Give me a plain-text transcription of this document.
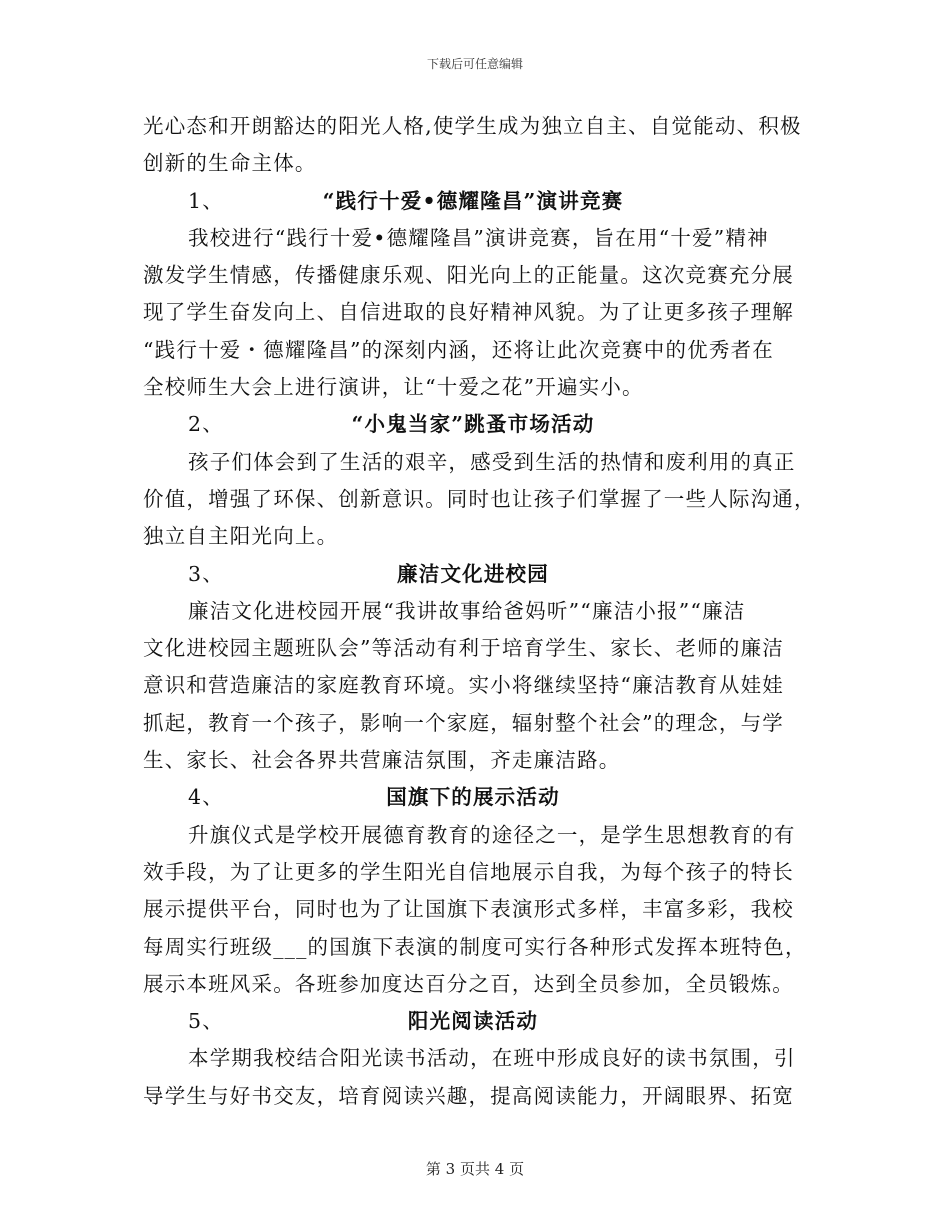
下载后可任意编辑
光心态和开朗豁达的阳光人格,使学生成为独立自主、自觉能动、积极
创新的生命主体。
1、	“践行十爱•德耀隆昌”演讲竞赛
我校进行“践行十爱•德耀隆昌”演讲竞赛，旨在用“十爱”精神
激发学生情感，传播健康乐观、阳光向上的正能量。这次竞赛充分展
现了学生奋发向上、自信进取的良好精神风貌。为了让更多孩子理解
“践行十爱・德耀隆昌”的深刻内涵，还将让此次竞赛中的优秀者在
全校师生大会上进行演讲，让“十爱之花”开遍实小。
2、	“小鬼当家”跳蚤市场活动
孩子们体会到了生活的艰辛，感受到生活的热情和废利用的真正
价值，增强了环保、创新意识。同时也让孩子们掌握了一些人际沟通，
独立自主阳光向上。
3、	廉洁文化进校园
廉洁文化进校园开展“我讲故事给爸妈听”“廉洁小报”“廉洁
文化进校园主题班队会”等活动有利于培育学生、家长、老师的廉洁
意识和营造廉洁的家庭教育环境。实小将继续坚持“廉洁教育从娃娃
抓起，教育一个孩子，影响一个家庭，辐射整个社会”的理念，与学
生、家长、社会各界共营廉洁氛围，齐走廉洁路。
4、	国旗下的展示活动
升旗仪式是学校开展德育教育的途径之一，是学生思想教育的有
效手段，为了让更多的学生阳光自信地展示自我，为每个孩子的特长
展示提供平台，同时也为了让国旗下表演形式多样，丰富多彩，我校
每周实行班级___的国旗下表演的制度可实行各种形式发挥本班特色，
展示本班风采。各班参加度达百分之百，达到全员参加，全员锻炼。
5、	阳光阅读活动
本学期我校结合阳光读书活动，在班中形成良好的读书氛围，引
导学生与好书交友，培育阅读兴趣，提高阅读能力，开阔眼界、拓宽
第 3 页共 4 页
